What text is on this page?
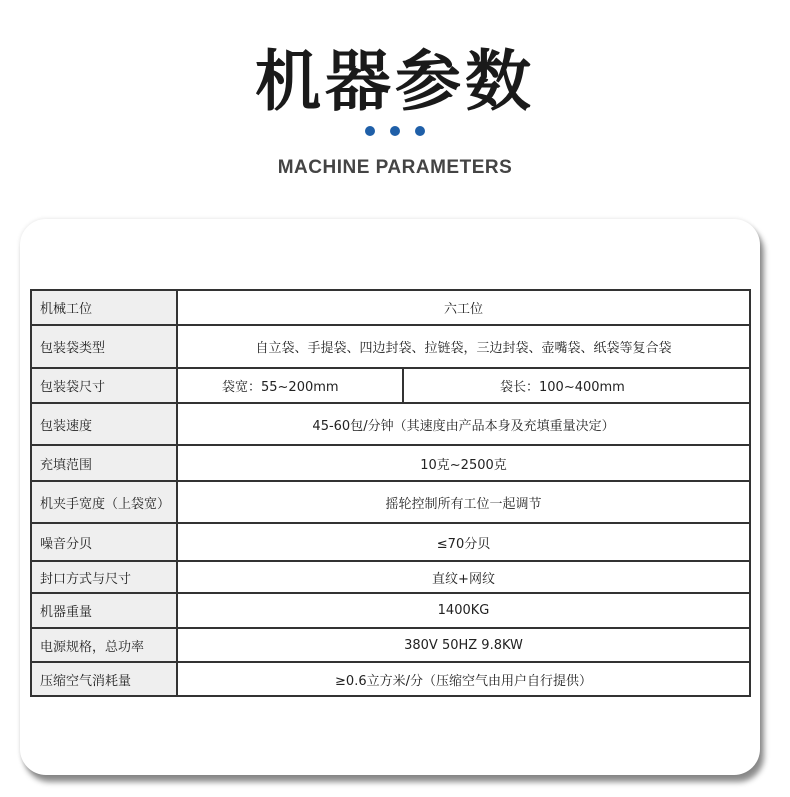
机器参数
MACHINE PARAMETERS
机械工位	六工位	
包装袋类型	自立袋、手提袋、四边封袋、拉链袋，三边封袋、壶嘴袋、纸袋等复合袋	
包装袋尺寸	袋宽：55~200mm	袋长：100~400mm
包装速度	45-60包/分钟（其速度由产品本身及充填重量决定）	
充填范围	10克~2500克	
机夹手宽度（上袋宽）	摇轮控制所有工位一起调节	
噪音分贝	≤70分贝	
封口方式与尺寸	直纹+网纹	
机器重量	1400KG	
电源规格，总功率	380V 50HZ 9.8KW	
压缩空气消耗量	≥0.6立方米/分（压缩空气由用户自行提供）	
